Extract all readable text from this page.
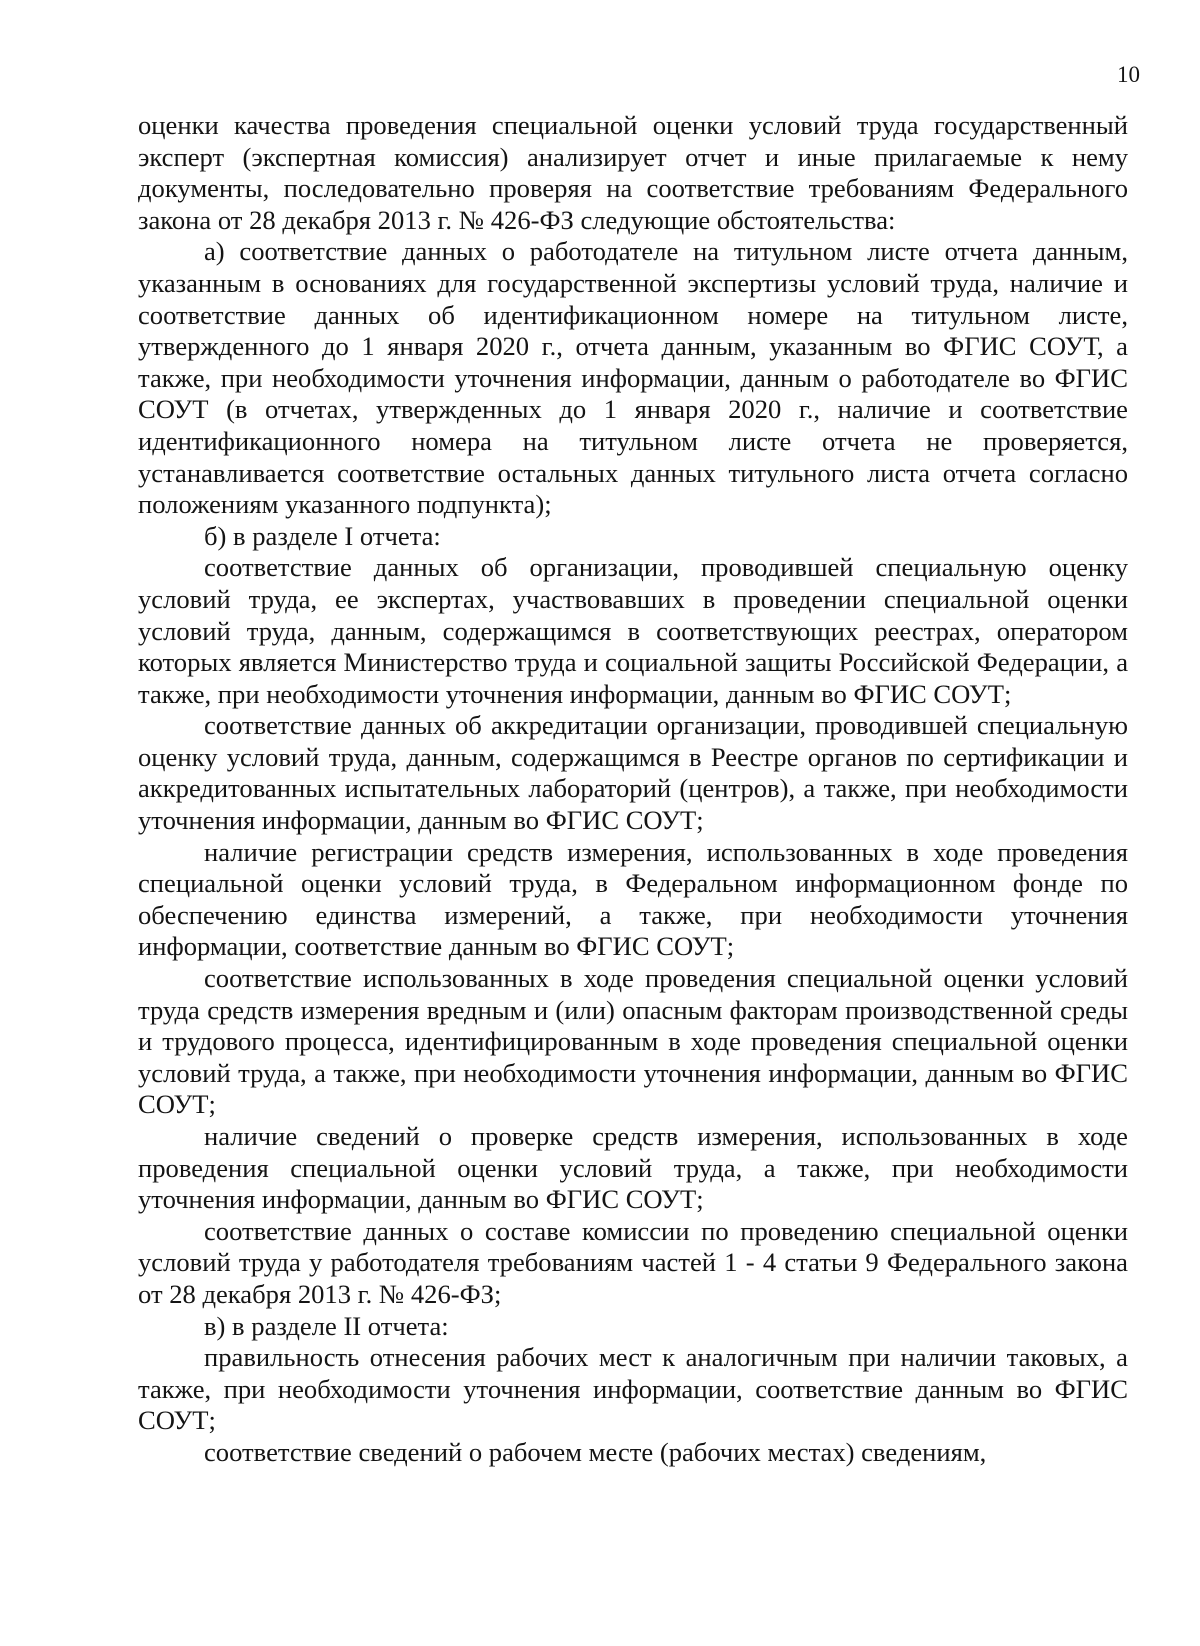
10

оценки качества проведения специальной оценки условий труда государственный эксперт (экспертная комиссия) анализирует отчет и иные прилагаемые к нему документы, последовательно проверяя на соответствие требованиям Федерального закона от 28 декабря 2013 г. № 426-ФЗ следующие обстоятельства:

а) соответствие данных о работодателе на титульном листе отчета данным, указанным в основаниях для государственной экспертизы условий труда, наличие и соответствие данных об идентификационном номере на титульном листе, утвержденного до 1 января 2020 г., отчета данным, указанным во ФГИС СОУТ, а также, при необходимости уточнения информации, данным о работодателе во ФГИС СОУТ (в отчетах, утвержденных до 1 января 2020 г., наличие и соответствие идентификационного номера на титульном листе отчета не проверяется, устанавливается соответствие остальных данных титульного листа отчета согласно положениям указанного подпункта);

б) в разделе I отчета:

соответствие данных об организации, проводившей специальную оценку условий труда, ее экспертах, участвовавших в проведении специальной оценки условий труда, данным, содержащимся в соответствующих реестрах, оператором которых является Министерство труда и социальной защиты Российской Федерации, а также, при необходимости уточнения информации, данным во ФГИС СОУТ;

соответствие данных об аккредитации организации, проводившей специальную оценку условий труда, данным, содержащимся в Реестре органов по сертификации и аккредитованных испытательных лабораторий (центров), а также, при необходимости уточнения информации, данным во ФГИС СОУТ;

наличие регистрации средств измерения, использованных в ходе проведения специальной оценки условий труда, в Федеральном информационном фонде по обеспечению единства измерений, а также, при необходимости уточнения информации, соответствие данным во ФГИС СОУТ;

соответствие использованных в ходе проведения специальной оценки условий труда средств измерения вредным и (или) опасным факторам производственной среды и трудового процесса, идентифицированным в ходе проведения специальной оценки условий труда, а также, при необходимости уточнения информации, данным во ФГИС СОУТ;

наличие сведений о проверке средств измерения, использованных в ходе проведения специальной оценки условий труда, а также, при необходимости уточнения информации, данным во ФГИС СОУТ;

соответствие данных о составе комиссии по проведению специальной оценки условий труда у работодателя требованиям частей 1 - 4 статьи 9 Федерального закона от 28 декабря 2013 г. № 426-ФЗ;

в) в разделе II отчета:

правильность отнесения рабочих мест к аналогичным при наличии таковых, а также, при необходимости уточнения информации, соответствие данным во ФГИС СОУТ;

соответствие сведений о рабочем месте (рабочих местах) сведениям,
